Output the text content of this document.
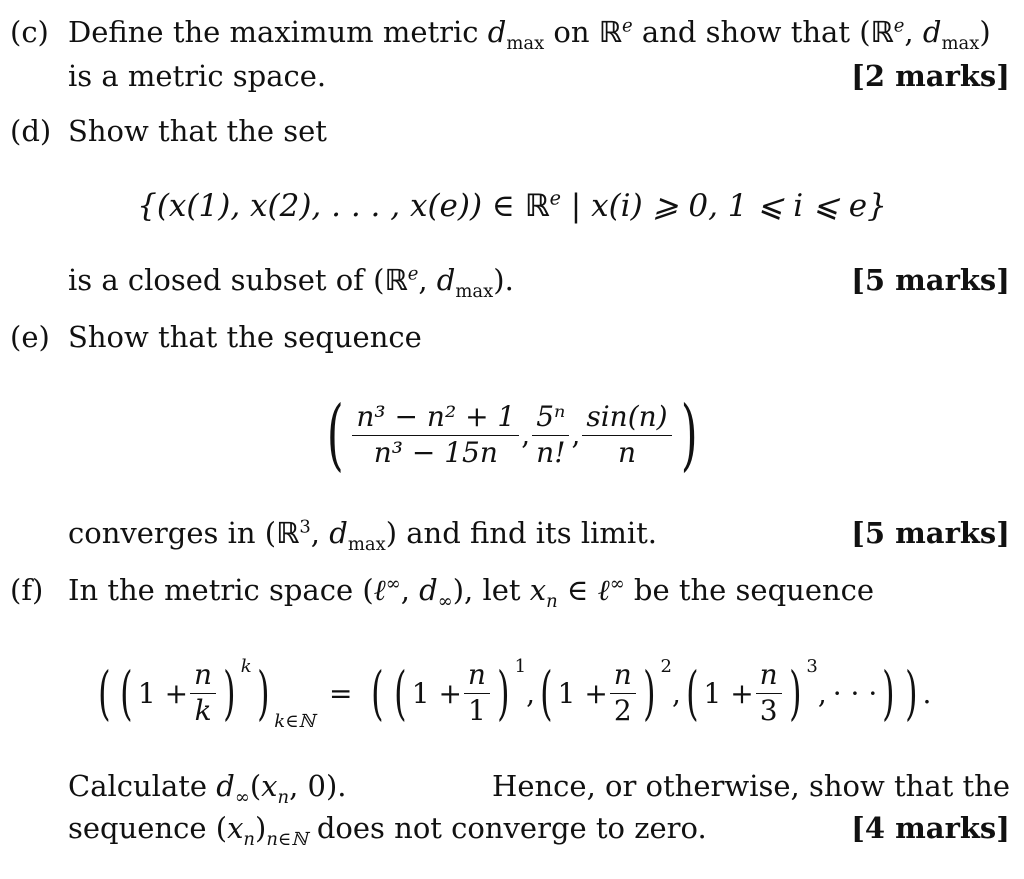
(c) Define the maximum metric $d_{max}$ on ℝ$^e$ and show that (ℝ$^e$, $d_{max}$)
is a metric space.	[2 marks]
(d) Show that the set
{(x(1), x(2), . . . , x(e)) ∈ ℝ$^e$ | x(i) ⩾ 0, 1 ⩽ i ⩽ e}
is a closed subset of (ℝ$^e$, $d_{max}$).	[5 marks]
(e) Show that the sequence
( $\frac{\text{n³ − n² + 1}}{\text{n³ − 15n}}$ , $\frac{\text{5ⁿ}}{n!}$ , $\frac{\sin(n)}{n}$ )
converges in (ℝ$^3$, $d_{max}$) and find its limit.	[5 marks]
(f) In the metric space (ℓ∞, $d_\infty$), let $x_n$ ∈ ℓ∞ be the sequence
( ( $1 + \frac{n}{k}$ ) $^k$ ) k∈ℕ
= ( ( $1 + \frac{n}{1}$ ) $^1$
, ( $1 + \frac{n}{2}$ ) $^2$
, ( $1 + \frac{n}{3}$ ) $^3$
, · · · ) ) .
Calculate $d_\infty(x_n$, 0).	Hence, or otherwise, show that the
sequence $(x_n)_{n\in ℕ}$ does not converge to zero.	[4 marks]
